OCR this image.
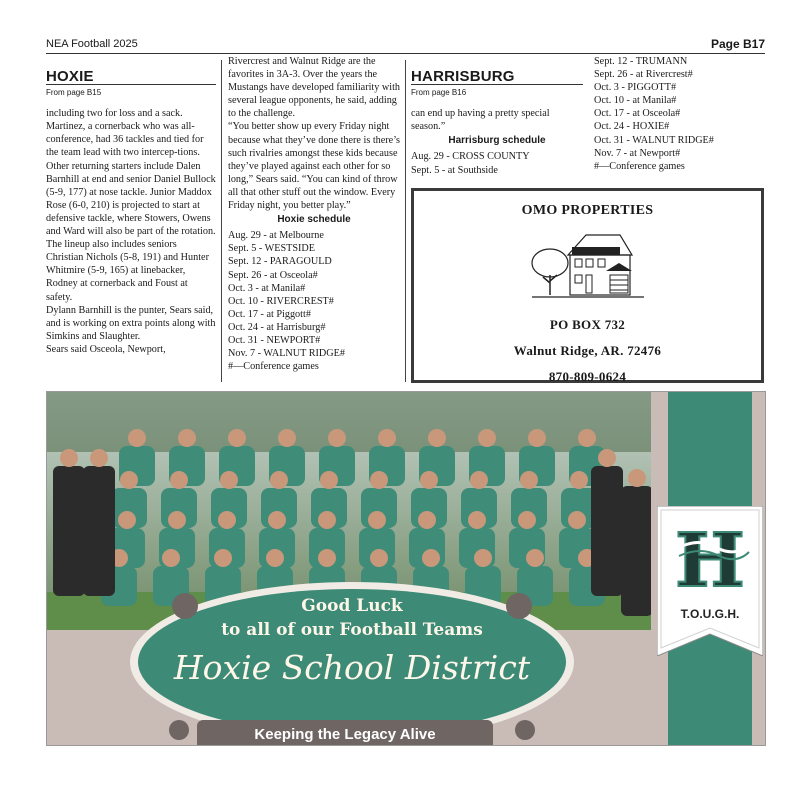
NEA Football 2025	Page B17
HOXIE
From page B15

including two for loss and a sack. Martinez, a cornerback who was all-conference, had 36 tackles and tied for the team lead with two intercep-tions.

Other returning starters include Dalen Barnhill at end and senior Daniel Bullock (5-9, 177) at nose tackle. Junior Maddox Rose (6-0, 210) is projected to start at defensive tackle, where Stowers, Owens and Ward will also be part of the rotation. The lineup also includes seniors Christian Nichols (5-8, 191) and Hunter Whitmire (5-9, 165) at linebacker, Rodney at cornerback and Foust at safety.

Dylann Barnhill is the punter, Sears said, and is working on extra points along with Simkins and Slaughter.

Sears said Osceola, Newport,

Rivercrest and Walnut Ridge are the favorites in 3A-3. Over the years the Mustangs have developed familiarity with several league opponents, he said, adding to the challenge.

“You better show up every Friday night because what they’ve done there is there’s such rivalries amongst these kids because they’ve played against each other for so long,” Sears said. “You can kind of throw all that other stuff out the window. Every Friday night, you better play.”

Hoxie schedule

Aug. 29 - at Melbourne

Sept. 5 - WESTSIDE

Sept. 12 - PARAGOULD

Sept. 26 - at Osceola#

Oct. 3 - at Manila#

Oct. 10 - RIVERCREST#

Oct. 17 - at Piggott#

Oct. 24 - at Harrisburg#

Oct. 31 - NEWPORT#

Nov. 7 - WALNUT RIDGE#

#—Conference games

HARRISBURG
From page B16

can end up having a pretty special season.”

Harrisburg schedule

Aug. 29 - CROSS COUNTY

Sept. 5 - at Southside

Sept. 12 - TRUMANN

Sept. 26 - at Rivercrest#

Oct. 3 - PIGGOTT#

Oct. 10 - at Manila#

Oct. 17 - at Osceola#

Oct. 24 - HOXIE#

Oct. 31 - WALNUT RIDGE#

Nov. 7 - at Newport#

#—Conference games

OMO PROPERTIES
PO BOX 732
Walnut Ridge, AR. 72476
870-809-0624
H
T.O.U.G.H.
Good Luck
to all of our Football Teams
Hoxie School District
Keeping the Legacy Alive
